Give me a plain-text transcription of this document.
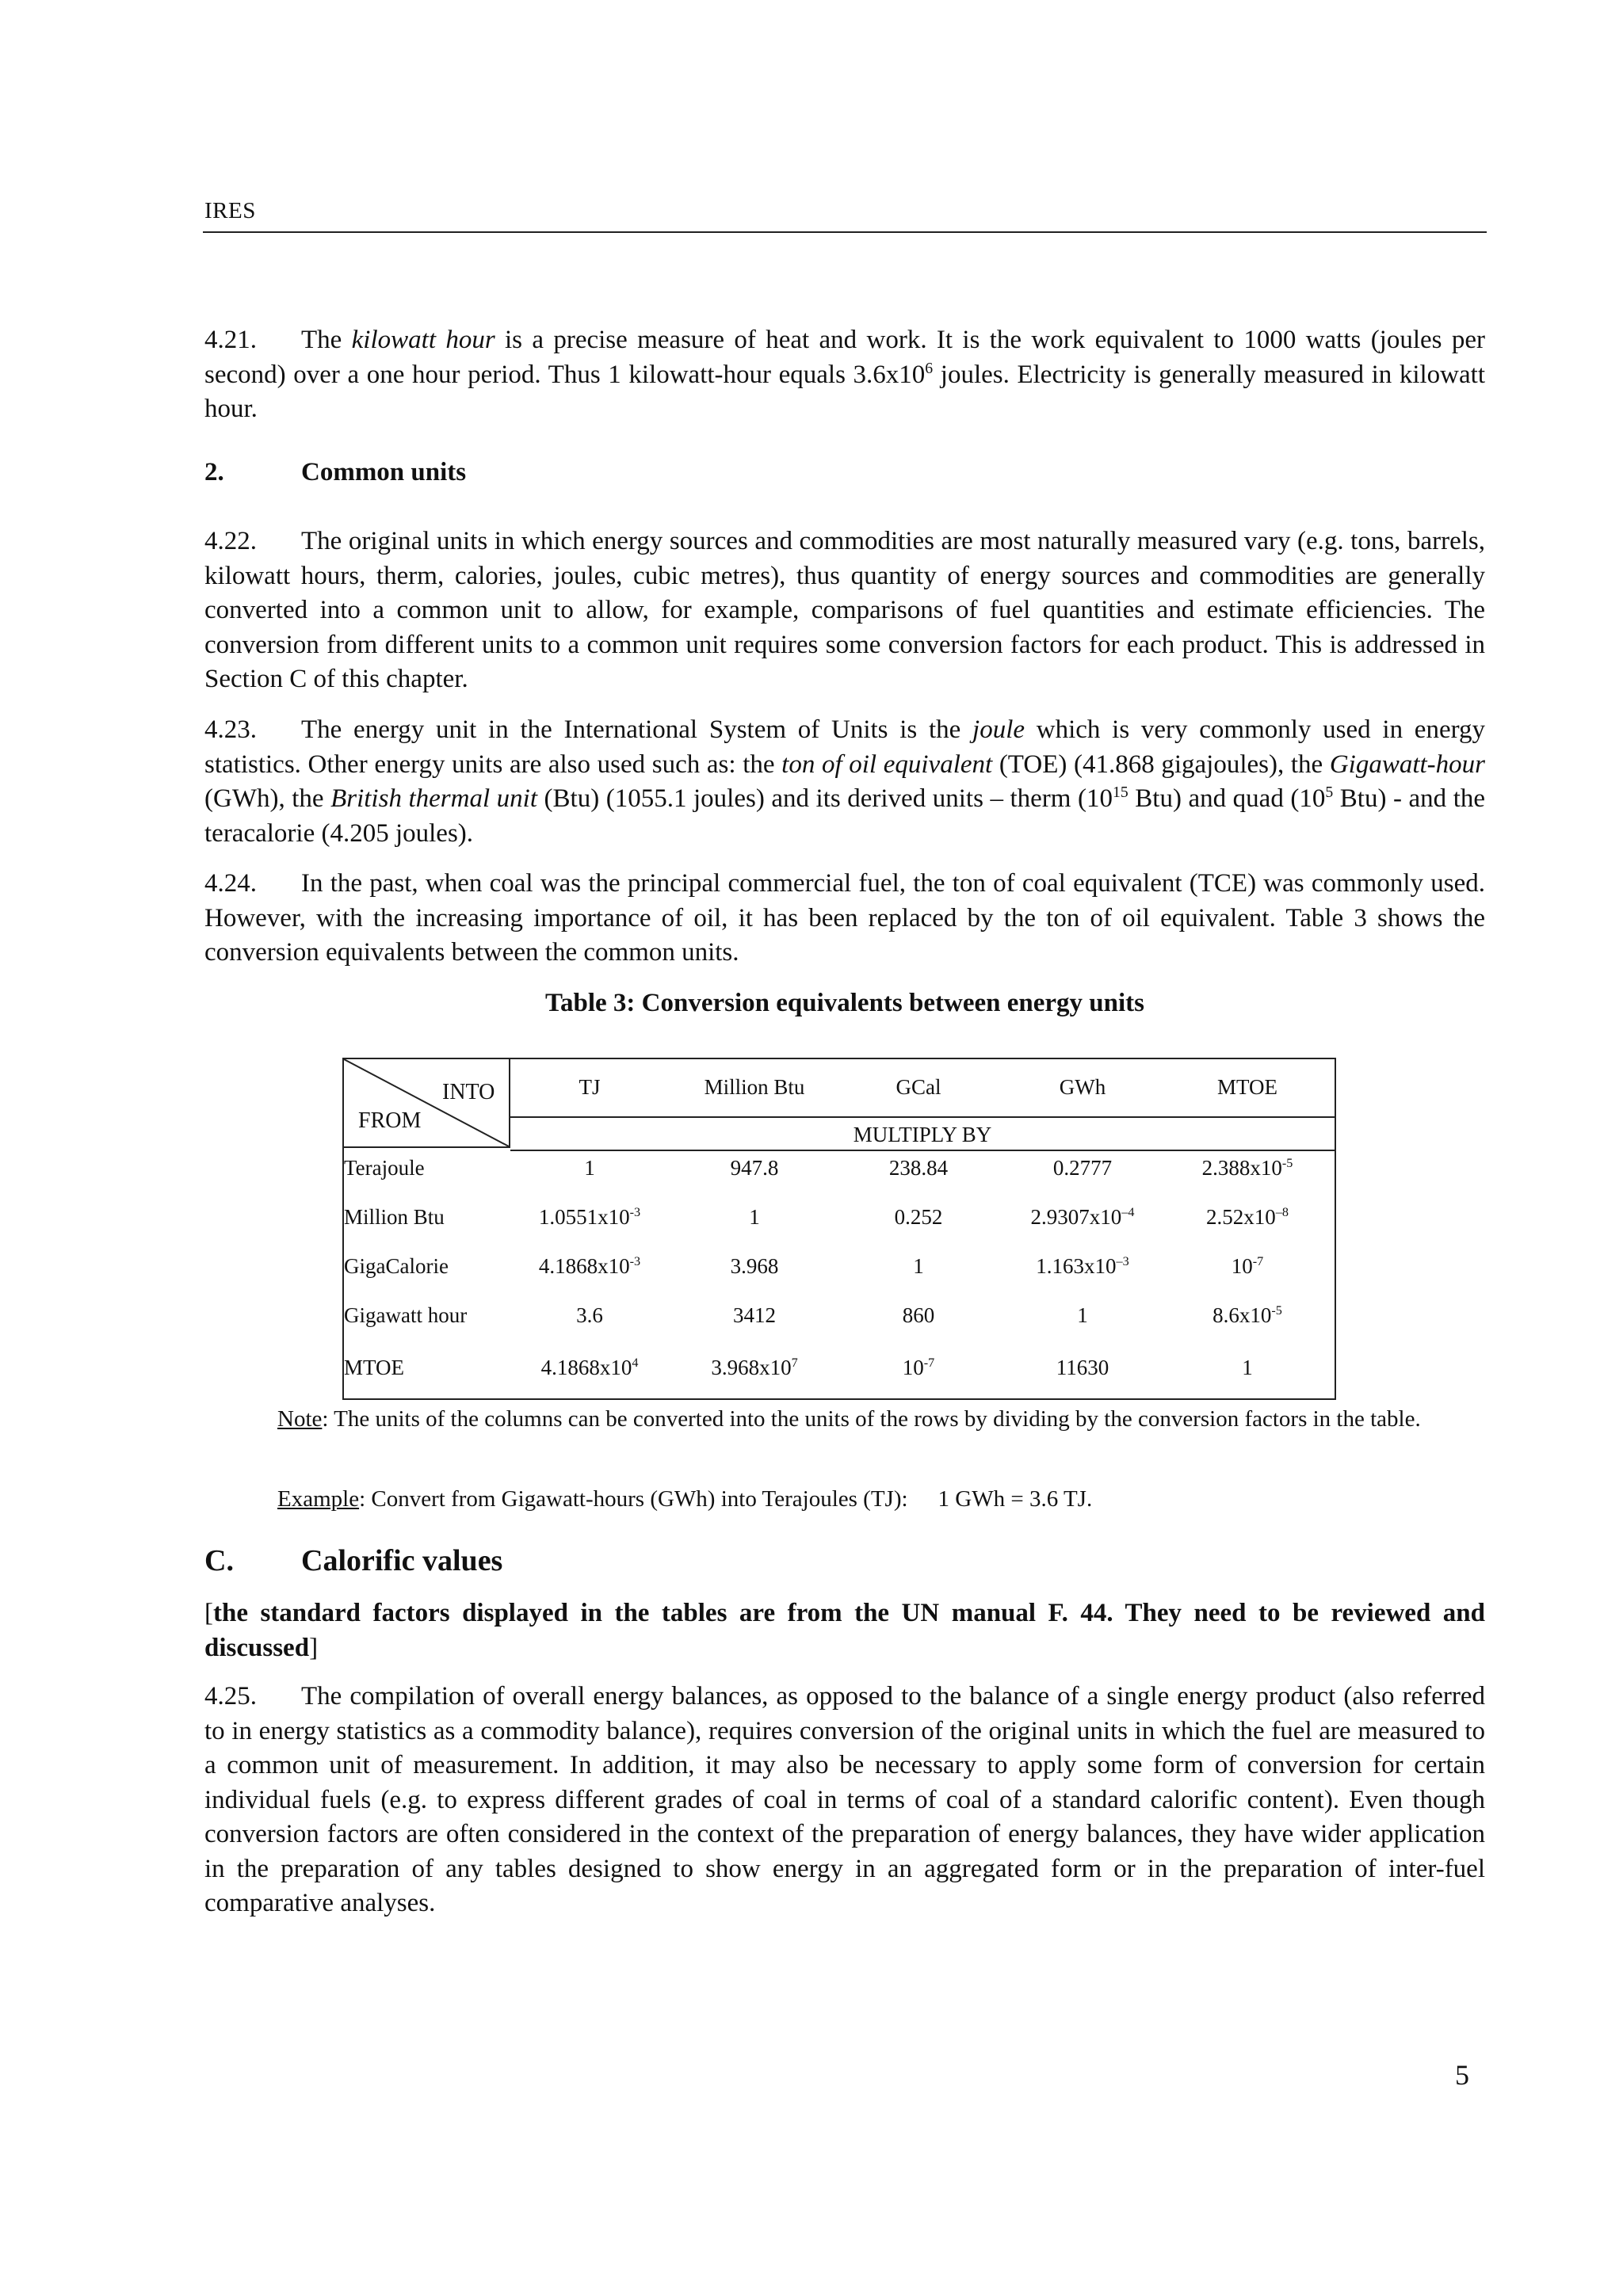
IRES
4.21. The kilowatt hour is a precise measure of heat and work. It is the work equivalent to 1000 watts (joules per second) over a one hour period. Thus 1 kilowatt-hour equals $3.6x10^6$ joules. Electricity is generally measured in kilowatt hour.
2.	Common units
4.22. The original units in which energy sources and commodities are most naturally measured vary (e.g. tons, barrels, kilowatt hours, therm, calories, joules, cubic metres), thus quantity of energy sources and commodities are generally converted into a common unit to allow, for example, comparisons of fuel quantities and estimate efficiencies. The conversion from different units to a common unit requires some conversion factors for each product. This is addressed in Section C of this chapter.
4.23. The energy unit in the International System of Units is the joule which is very commonly used in energy statistics. Other energy units are also used such as: the ton of oil equivalent (TOE) (41.868 gigajoules), the Gigawatt-hour (GWh), the British thermal unit (Btu) (1055.1 joules) and its derived units – therm ($10^{15}$ Btu) and quad ($10^5$ Btu) - and the teracalorie (4.205 joules).
4.24. In the past, when coal was the principal commercial fuel, the ton of coal equivalent (TCE) was commonly used. However, with the increasing importance of oil, it has been replaced by the ton of oil equivalent. Table 3 shows the conversion equivalents between the common units.
Table 3: Conversion equivalents between energy units
INTO
FROM
TJ	Million Btu	GCal	GWh	MTOE
MULTIPLY BY
Terajoule	1	947.8	238.84	0.2777	$2.388x10^{-5}$
Million Btu	$1.0551x10^{-3}$	1	0.252	$2.9307x10^{-4}$	$2.52x10^{-8}$
GigaCalorie	$4.1868x10^{-3}$	3.968	1	$1.163x10^{-3}$	$10^{-7}$
Gigawatt hour	3.6	3412	860	1	$8.6x10^{-5}$
MTOE	$4.1868x10^4$	$3.968x10^7$	$10^{-7}$	11630	1
Note: The units of the columns can be converted into the units of the rows by dividing by the conversion factors in the table.
Example: Convert from Gigawatt-hours (GWh) into Terajoules (TJ): 1 GWh = 3.6 TJ.
C. Calorific values
[the standard factors displayed in the tables are from the UN manual F. 44. They need to be reviewed and discussed]
4.25. The compilation of overall energy balances, as opposed to the balance of a single energy product (also referred to in energy statistics as a commodity balance), requires conversion of the original units in which the fuel are measured to a common unit of measurement. In addition, it may also be necessary to apply some form of conversion for certain individual fuels (e.g. to express different grades of coal in terms of coal of a standard calorific content). Even though conversion factors are often considered in the context of the preparation of energy balances, they have wider application in the preparation of any tables designed to show energy in an aggregated form or in the preparation of inter-fuel comparative analyses.
5
